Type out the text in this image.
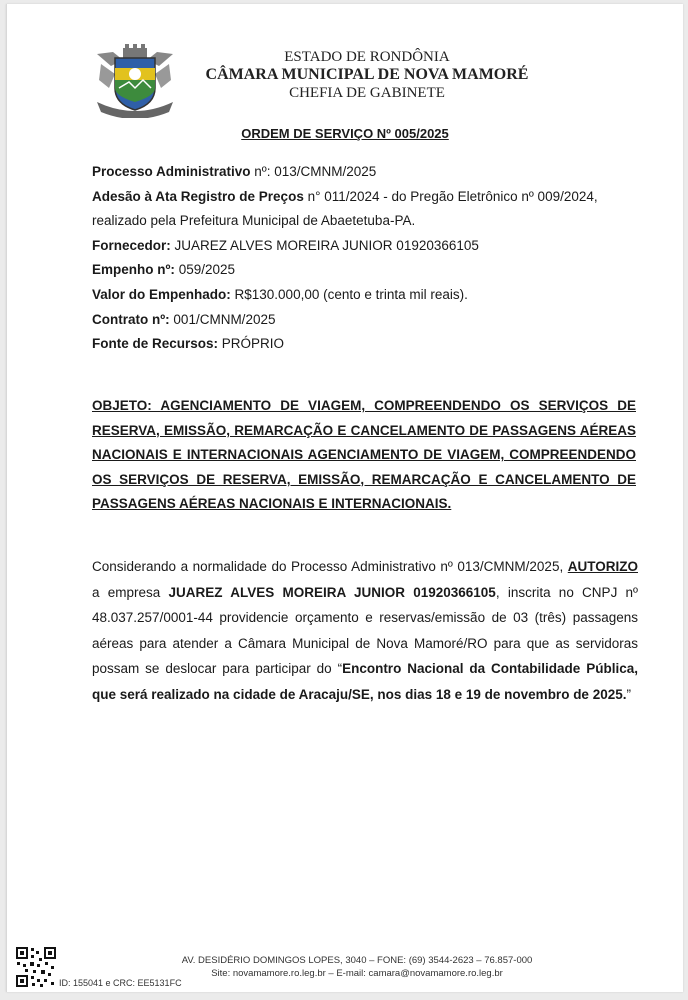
ESTADO DE RONDÔNIA
CÂMARA MUNICIPAL DE NOVA MAMORÉ
CHEFIA DE GABINETE
ORDEM DE SERVIÇO Nº 005/2025
Processo Administrativo nº: 013/CMNM/2025
Adesão à Ata Registro de Preços n° 011/2024 - do Pregão Eletrônico nº 009/2024, realizado pela Prefeitura Municipal de Abaetetuba-PA.
Fornecedor: JUAREZ ALVES MOREIRA JUNIOR 01920366105
Empenho nº: 059/2025
Valor do Empenhado: R$130.000,00 (cento e trinta mil reais).
Contrato nº: 001/CMNM/2025
Fonte de Recursos: PRÓPRIO
OBJETO: AGENCIAMENTO DE VIAGEM, COMPREENDENDO OS SERVIÇOS DE RESERVA, EMISSÃO, REMARCAÇÃO E CANCELAMENTO DE PASSAGENS AÉREAS NACIONAIS E INTERNACIONAIS AGENCIAMENTO DE VIAGEM, COMPREENDENDO OS SERVIÇOS DE RESERVA, EMISSÃO, REMARCAÇÃO E CANCELAMENTO DE PASSAGENS AÉREAS NACIONAIS E INTERNACIONAIS.
Considerando a normalidade do Processo Administrativo nº 013/CMNM/2025, AUTORIZO a empresa JUAREZ ALVES MOREIRA JUNIOR 01920366105, inscrita no CNPJ nº 48.037.257/0001-44 providencie orçamento e reservas/emissão de 03 (três) passagens aéreas para atender a Câmara Municipal de Nova Mamoré/RO para que as servidoras possam se deslocar para participar do “Encontro Nacional da Contabilidade Pública, que será realizado na cidade de Aracaju/SE, nos dias 18 e 19 de novembro de 2025.”
AV. DESIDÉRIO DOMINGOS LOPES, 3040 – FONE: (69) 3544-2623 – 76.857-000
Site: novamamore.ro.leg.br – E-mail: camara@novamamore.ro.leg.br
ID: 155041 e CRC: EE5131FC
